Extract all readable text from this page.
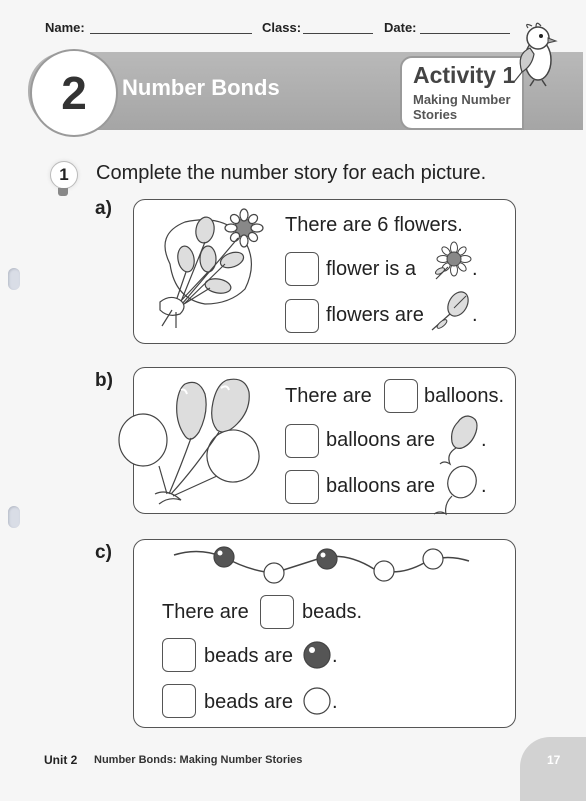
Name:	Class:	Date:
2	Number Bonds	Activity 1
Making Number Stories
1	Complete the number story for each picture.
a)
There are 6 flowers.
flower is a	.
flowers are .
b)
There are	balloons.
balloons are .
balloons are .
c)
There are	beads.
beads are .
beads are .
Unit 2 Number Bonds: Making Number Stories	17
